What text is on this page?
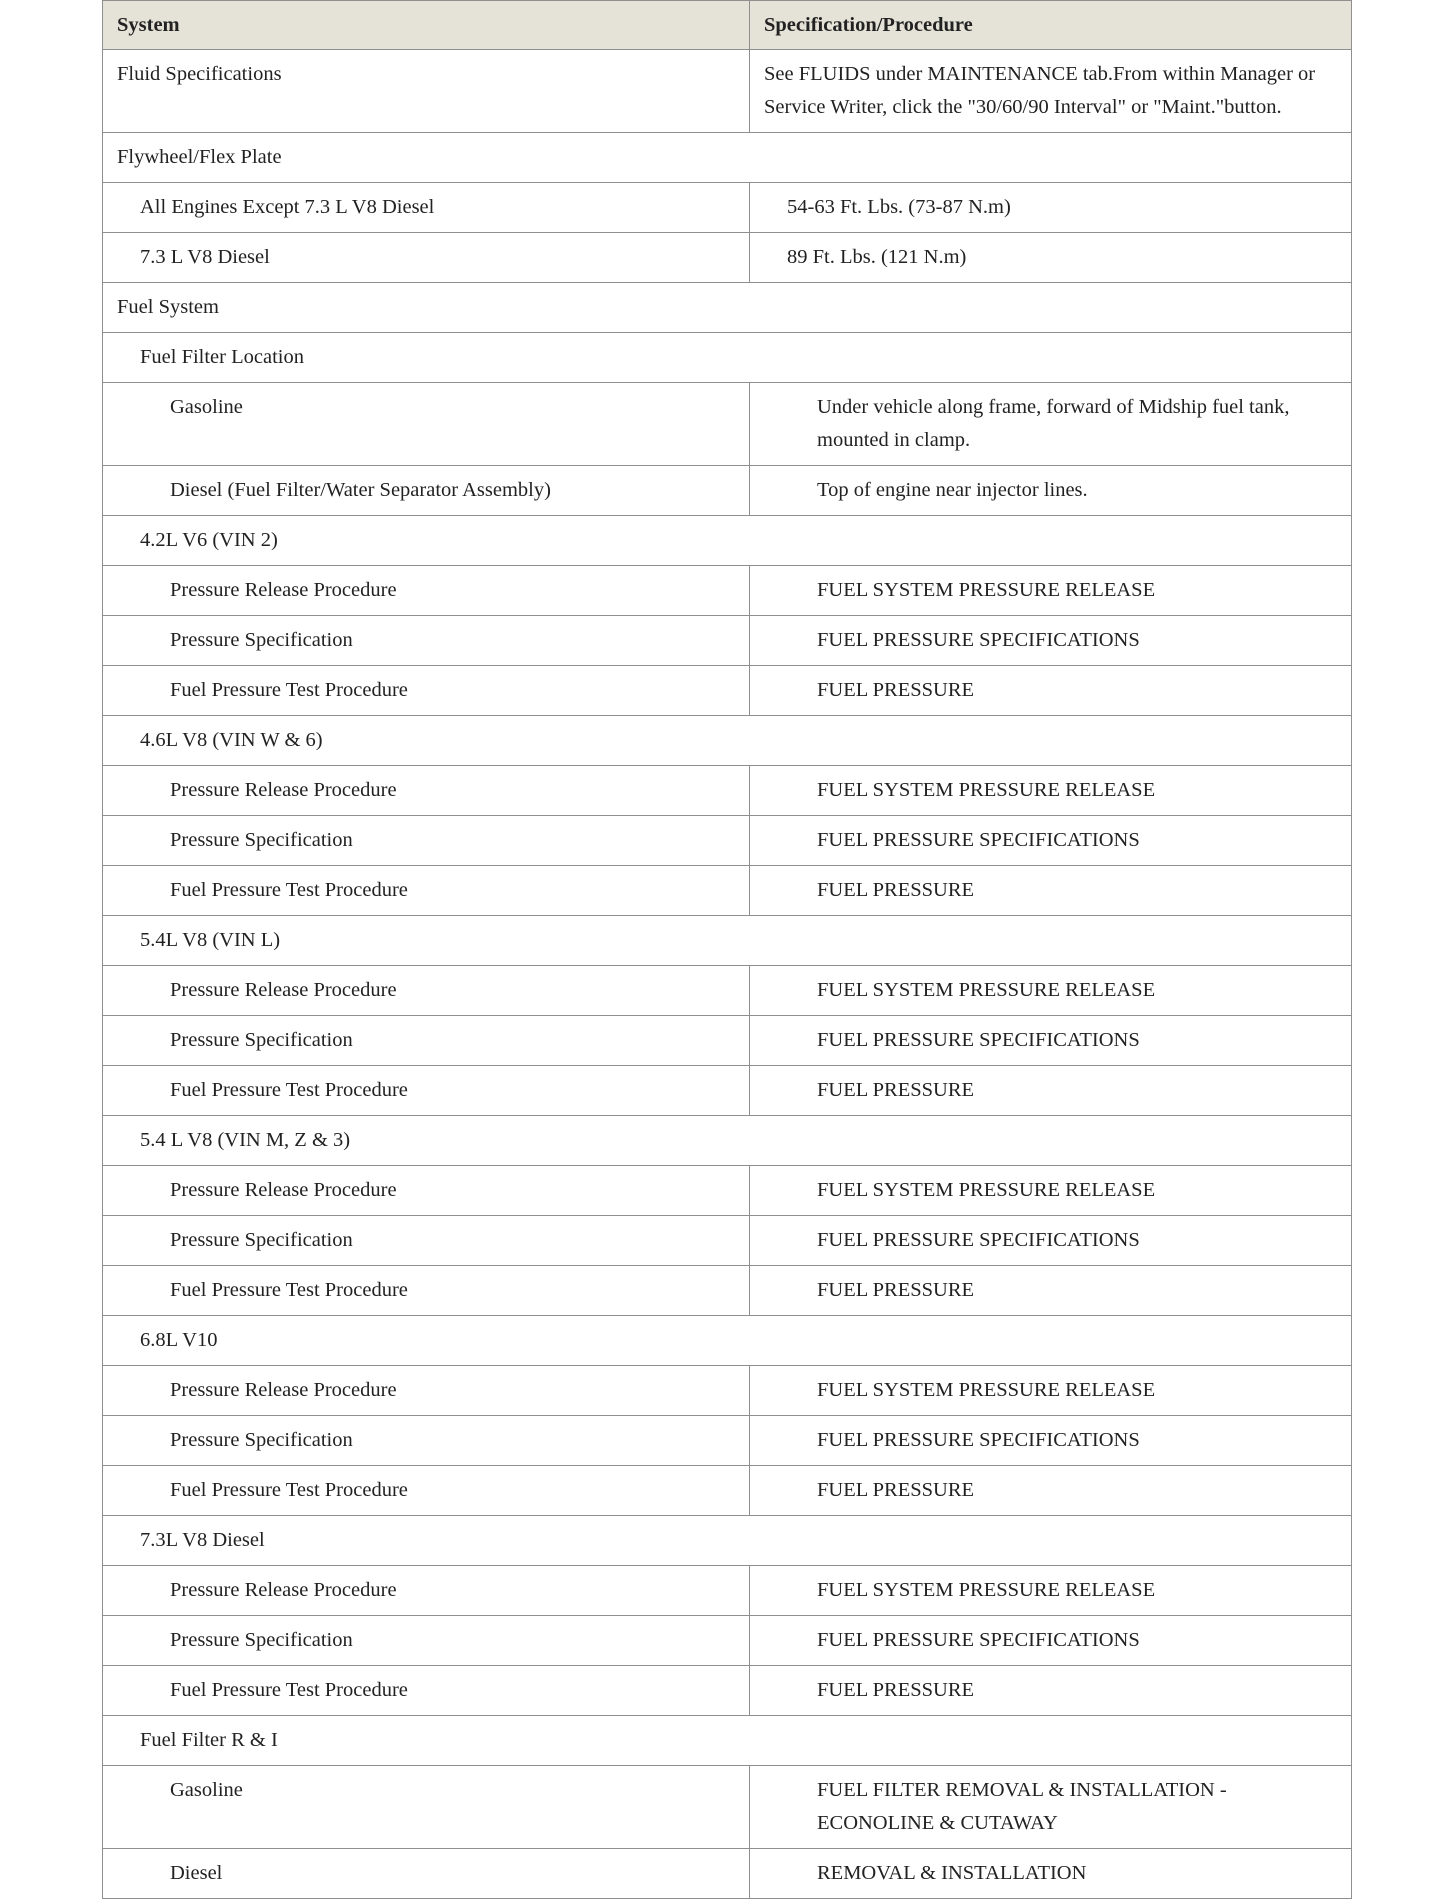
System	Specification/Procedure
Fluid Specifications	See FLUIDS under MAINTENANCE tab.From within Manager or Service Writer, click the "30/60/90 Interval" or "Maint."button.
Flywheel/Flex Plate	
All Engines Except 7.3 L V8 Diesel	54-63 Ft. Lbs. (73-87 N.m)
7.3 L V8 Diesel	89 Ft. Lbs. (121 N.m)
Fuel System	
Fuel Filter Location	
Gasoline	Under vehicle along frame, forward of Midship fuel tank, mounted in clamp.
Diesel (Fuel Filter/Water Separator Assembly)	Top of engine near injector lines.
4.2L V6 (VIN 2)	
Pressure Release Procedure	FUEL SYSTEM PRESSURE RELEASE
Pressure Specification	FUEL PRESSURE SPECIFICATIONS
Fuel Pressure Test Procedure	FUEL PRESSURE
4.6L V8 (VIN W & 6)	
Pressure Release Procedure	FUEL SYSTEM PRESSURE RELEASE
Pressure Specification	FUEL PRESSURE SPECIFICATIONS
Fuel Pressure Test Procedure	FUEL PRESSURE
5.4L V8 (VIN L)	
Pressure Release Procedure	FUEL SYSTEM PRESSURE RELEASE
Pressure Specification	FUEL PRESSURE SPECIFICATIONS
Fuel Pressure Test Procedure	FUEL PRESSURE
5.4 L V8 (VIN M, Z & 3)	
Pressure Release Procedure	FUEL SYSTEM PRESSURE RELEASE
Pressure Specification	FUEL PRESSURE SPECIFICATIONS
Fuel Pressure Test Procedure	FUEL PRESSURE
6.8L V10	
Pressure Release Procedure	FUEL SYSTEM PRESSURE RELEASE
Pressure Specification	FUEL PRESSURE SPECIFICATIONS
Fuel Pressure Test Procedure	FUEL PRESSURE
7.3L V8 Diesel	
Pressure Release Procedure	FUEL SYSTEM PRESSURE RELEASE
Pressure Specification	FUEL PRESSURE SPECIFICATIONS
Fuel Pressure Test Procedure	FUEL PRESSURE
Fuel Filter R & I	
Gasoline	FUEL FILTER REMOVAL & INSTALLATION - ECONOLINE & CUTAWAY
Diesel	REMOVAL & INSTALLATION
